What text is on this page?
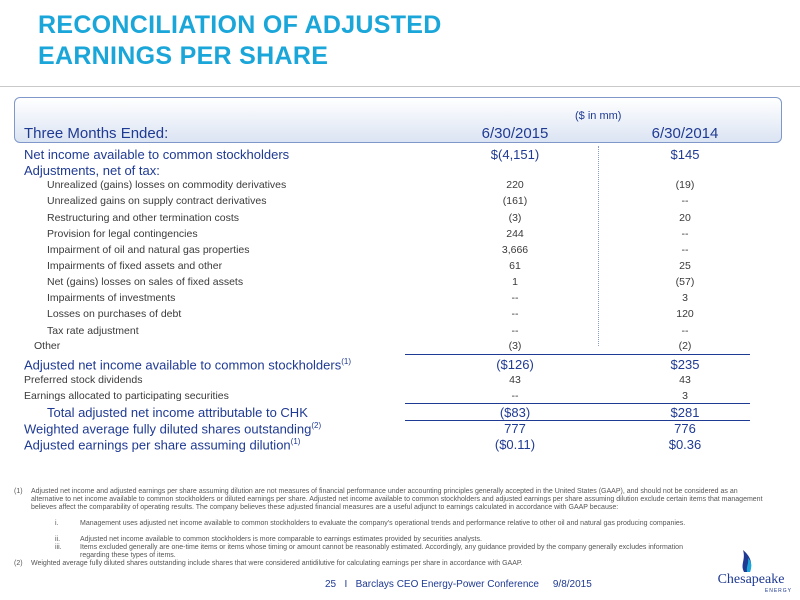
RECONCILIATION OF ADJUSTED
EARNINGS PER SHARE
($ in mm)
Three Months Ended:	6/30/2015	6/30/2014
Net income available to common stockholders	$(4,151)	$145
Adjustments, net of tax:
Unrealized (gains) losses on commodity derivatives	220	(19)
Unrealized gains on supply contract derivatives	(161)	--
Restructuring and other termination costs	(3)	20
Provision for legal contingencies	244	--
Impairment of oil and natural gas properties	3,666	--
Impairments of fixed assets and other	61	25
Net (gains) losses on sales of fixed assets	1	(57)
Impairments of investments	--	3
Losses on purchases of debt	--	120
Tax rate adjustment	--	--
Other	(3)	(2)
Adjusted net income available to common stockholders$^{(1)}$	($126)	$235
Preferred stock dividends	43	43
Earnings allocated to participating securities	--	3
Total adjusted net income attributable to CHK	($83)	$281
Weighted average fully diluted shares outstanding$^{(2)}$	777	776
Adjusted earnings per share assuming dilution$^{(1)}$	($0.11)	$0.36
(1) Adjusted net income and adjusted earnings per share assuming dilution are not measures of financial performance under accounting principles generally accepted in the United States (GAAP), and should not be considered as an alternative to net income available to common stockholders or diluted earnings per share. Adjusted net income available to common stockholders and adjusted earnings per share assuming dilution exclude certain items that management believes affect the comparability of operating results. The company believes these adjusted financial measures are a useful adjunct to earnings calculated in accordance with GAAP because:
i.	Management uses adjusted net income available to common stockholders to evaluate the company's operational trends and performance relative to other oil and natural gas producing companies.
ii.	Adjusted net income available to common stockholders is more comparable to earnings estimates provided by securities analysts.
iii.	Items excluded generally are one-time items or items whose timing or amount cannot be reasonably estimated. Accordingly, any guidance provided by the company generally excludes information regarding these types of items.
(2) Weighted average fully diluted shares outstanding include shares that were considered antidilutive for calculating earnings per share in accordance with GAAP.
25   I   Barclays CEO Energy-Power Conference     9/8/2015	Chesapeake
ENERGY
